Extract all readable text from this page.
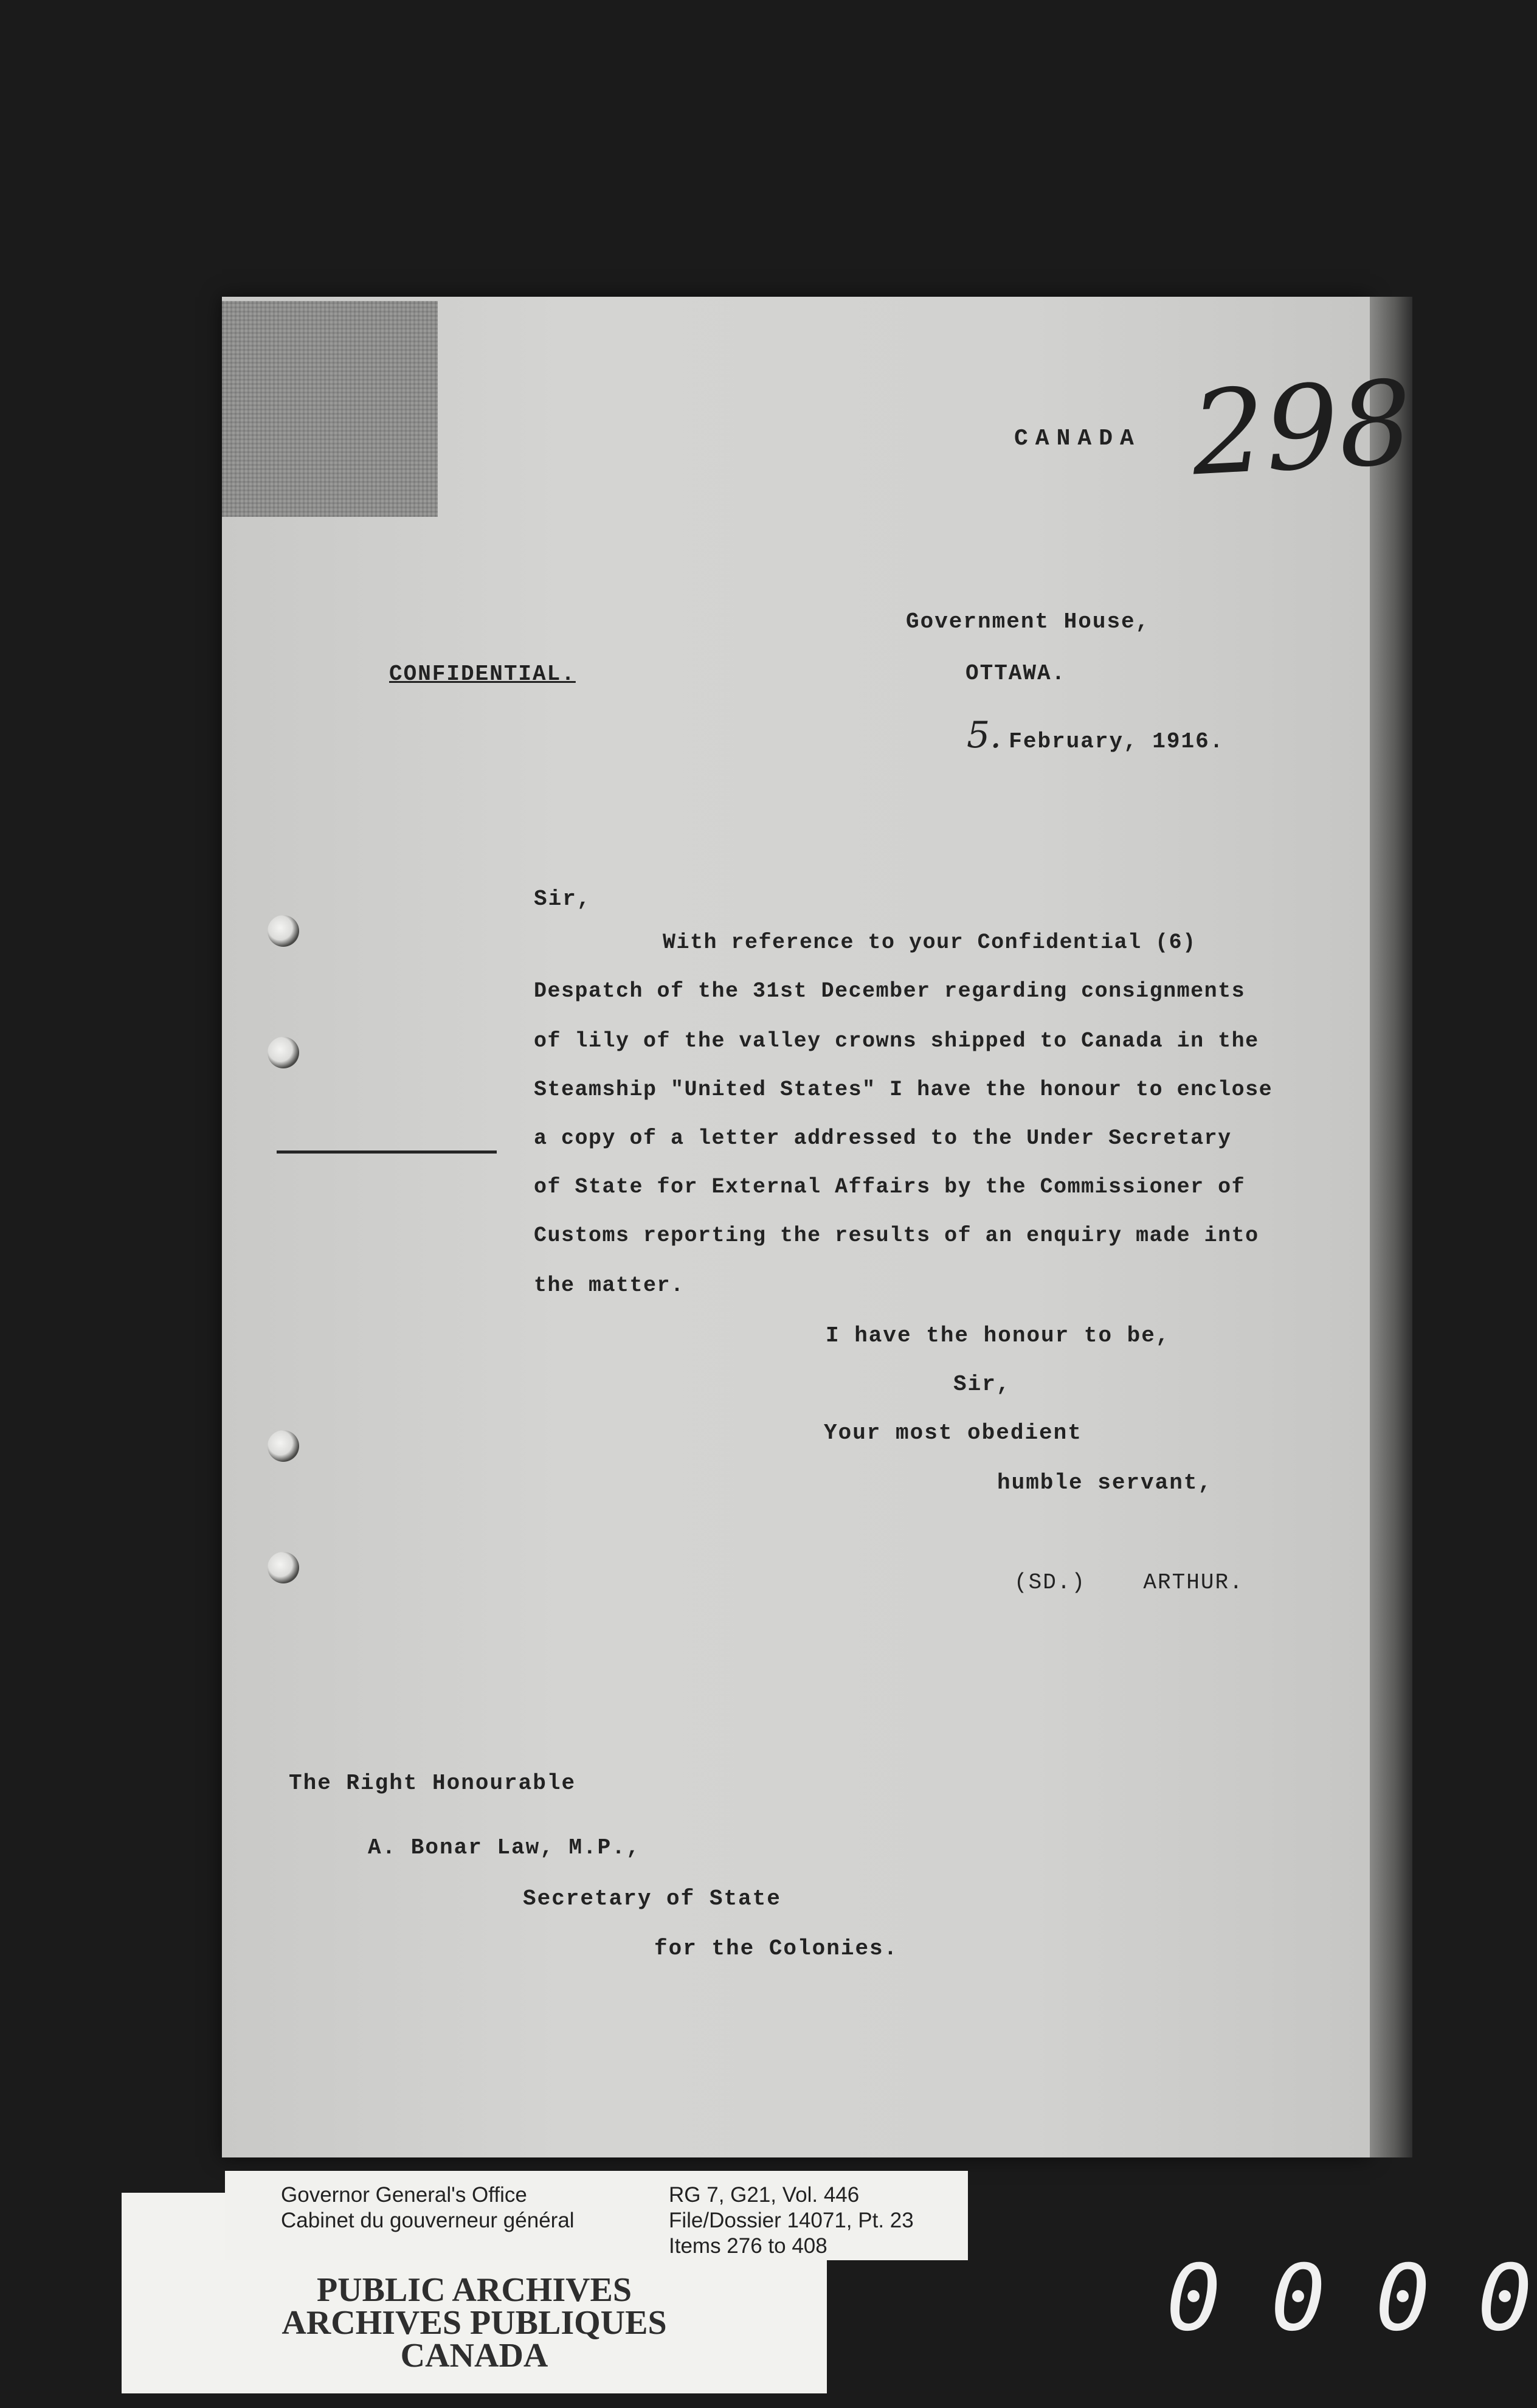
CANADA 298
CONFIDENTIAL.
Government House,
OTTAWA.
5. February, 1916.
Sir,
With reference to your Confidential (6)
Despatch of the 31st December regarding consignments
of lily of the valley crowns shipped to Canada in the
Steamship "United States" I have the honour to enclose
a copy of a letter addressed to the Under Secretary
of State for External Affairs by the Commissioner of
Customs reporting the results of an enquiry made into
the matter.
I have the honour to be,
Sir,
Your most obedient
humble servant,
(SD.)    ARTHUR.
The Right Honourable
A. Bonar Law, M.P.,
Secretary of State
for the Colonies.
PUBLIC ARCHIVES
ARCHIVES PUBLIQUES
CANADA
Governor General's Office
Cabinet du gouverneur général
RG 7, G21, Vol. 446
File/Dossier 14071, Pt. 23
Items 276 to 408	0 0 0 0
